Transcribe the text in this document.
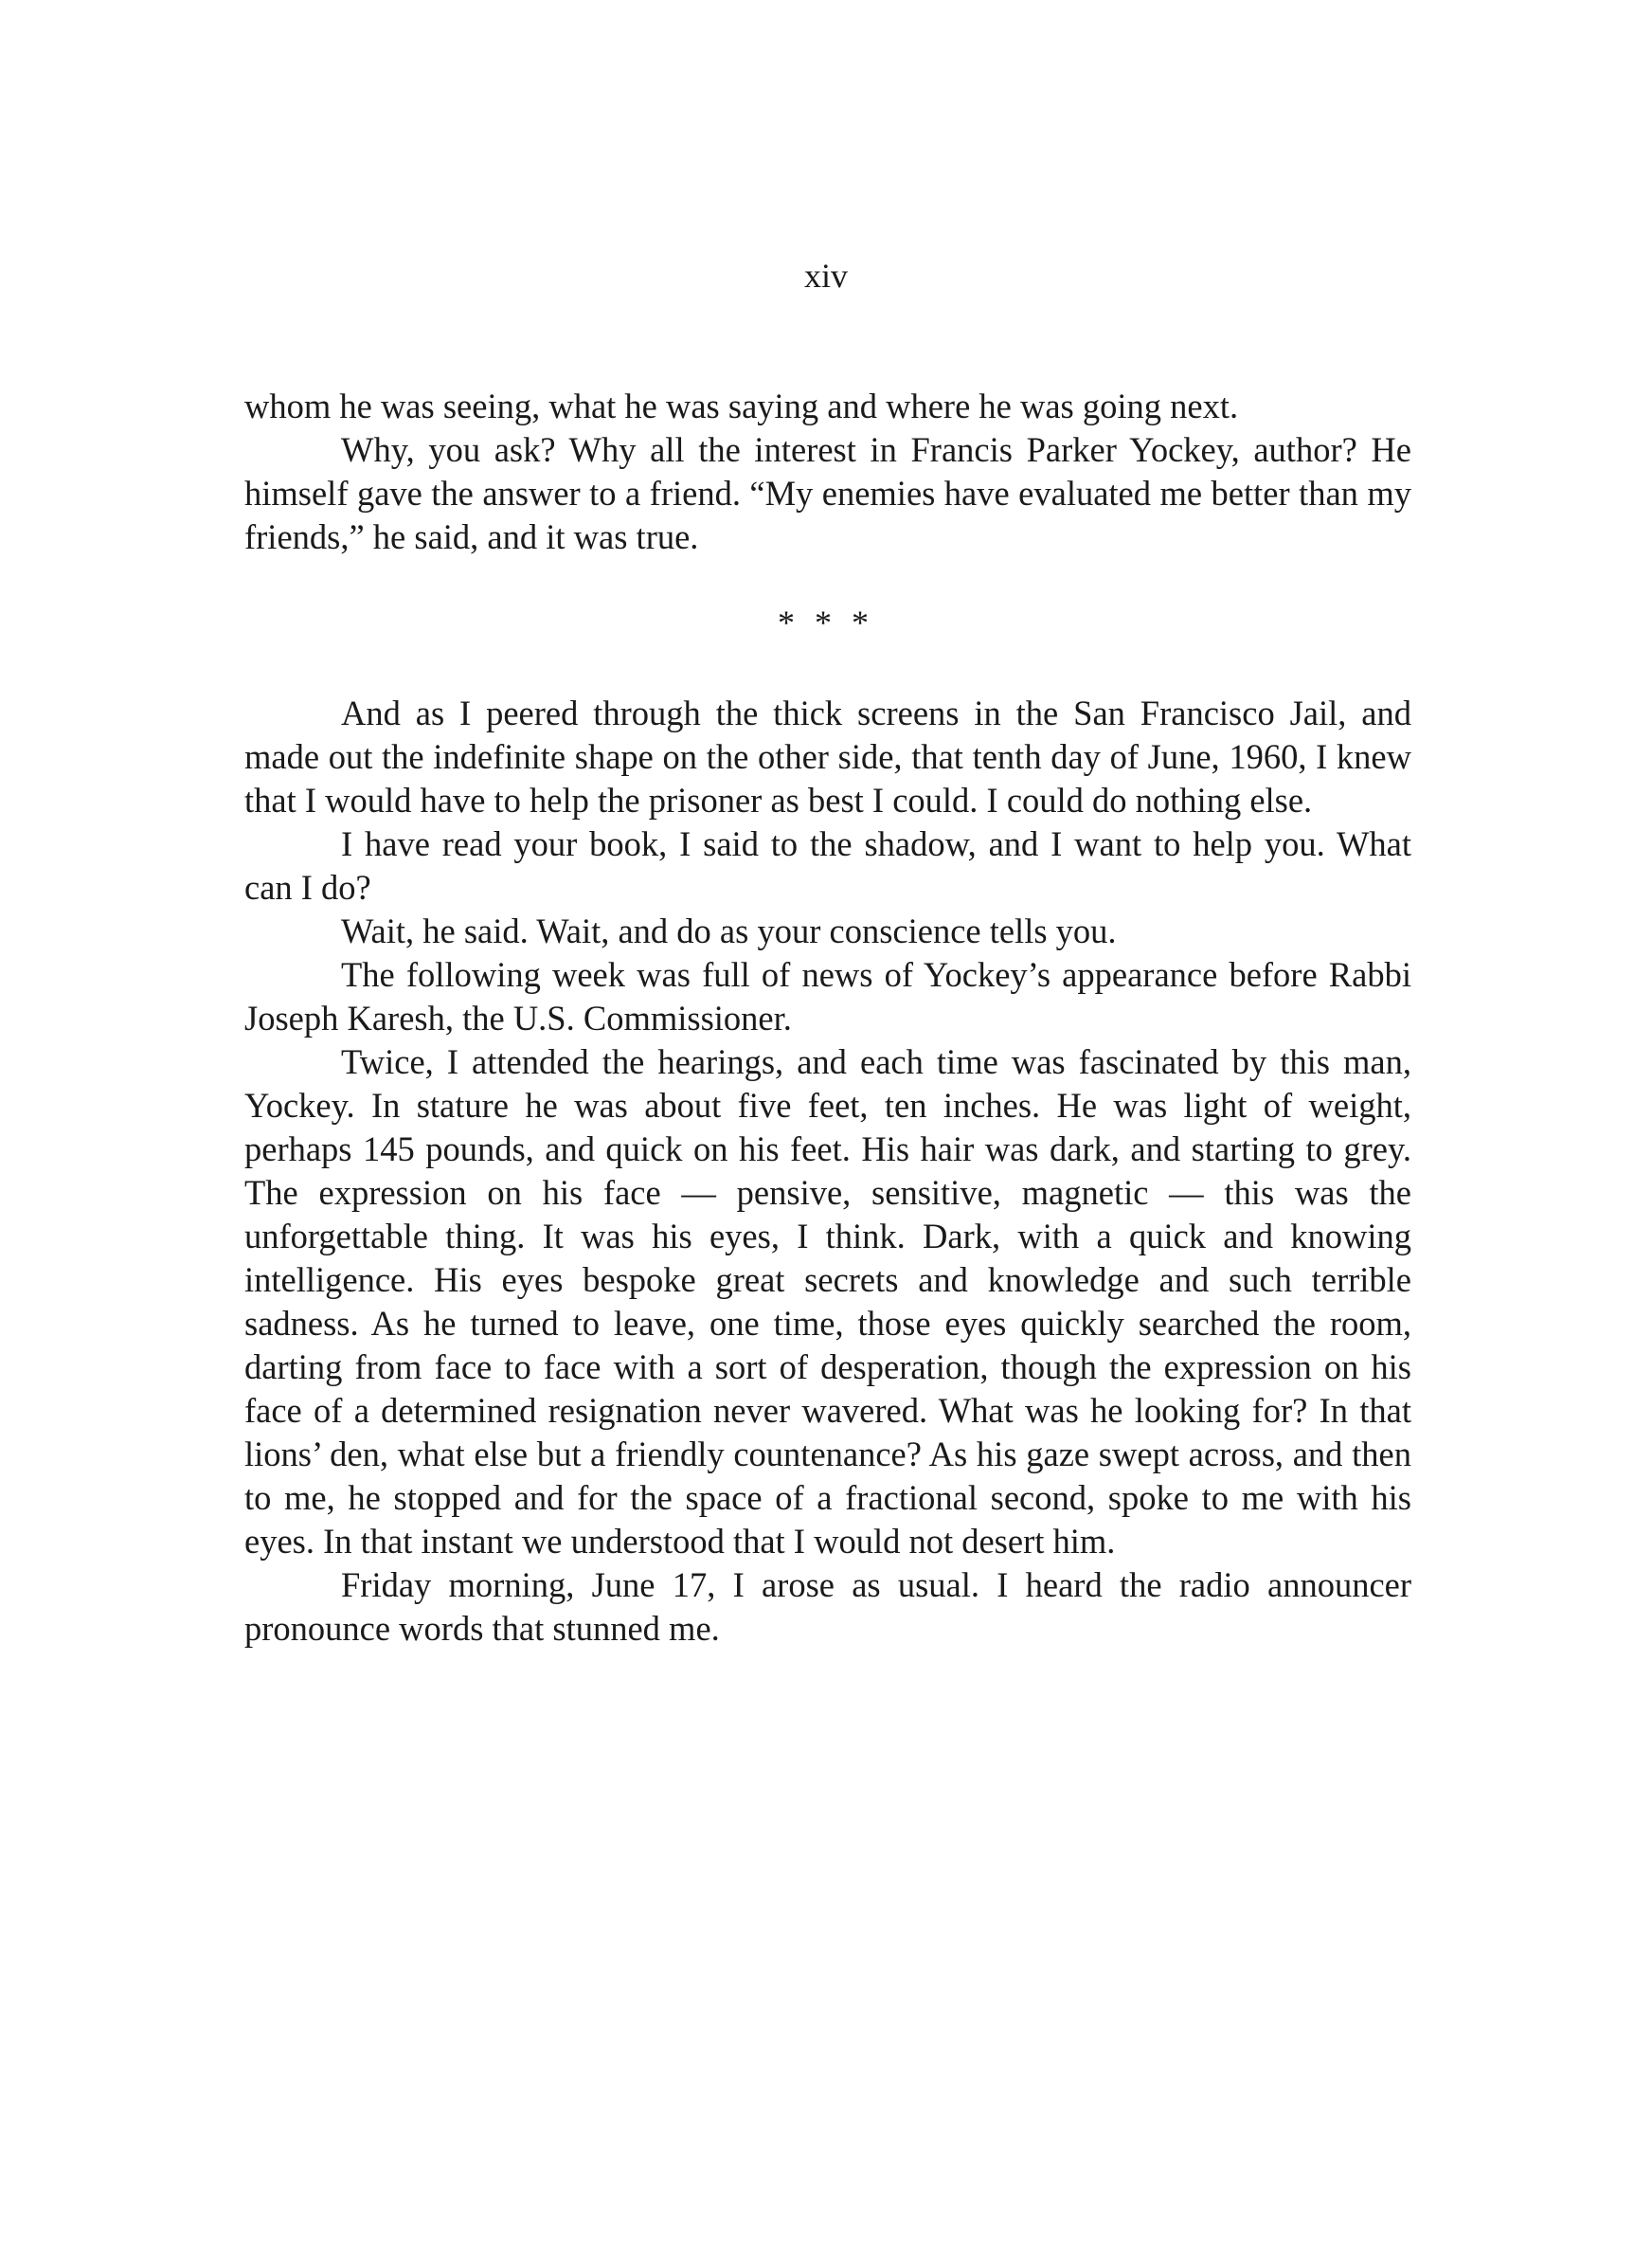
xiv

whom he was seeing, what he was saying and where he was going next.

Why, you ask? Why all the interest in Francis Parker Yockey, author? He himself gave the answer to a friend. “My enemies have evaluated me better than my friends,” he said, and it was true.

* * *

And as I peered through the thick screens in the San Francisco Jail, and made out the indefinite shape on the other side, that tenth day of June, 1960, I knew that I would have to help the prisoner as best I could. I could do nothing else.

I have read your book, I said to the shadow, and I want to help you. What can I do?

Wait, he said. Wait, and do as your conscience tells you.

The following week was full of news of Yockey’s appearance before Rabbi Joseph Karesh, the U.S. Commissioner.

Twice, I attended the hearings, and each time was fascinated by this man, Yockey. In stature he was about five feet, ten inches. He was light of weight, perhaps 145 pounds, and quick on his feet. His hair was dark, and starting to grey. The expression on his face — pensive, sensitive, magnetic — this was the unforgettable thing. It was his eyes, I think. Dark, with a quick and knowing intelligence. His eyes bespoke great secrets and knowledge and such terrible sadness. As he turned to leave, one time, those eyes quickly searched the room, darting from face to face with a sort of desperation, though the expression on his face of a determined resignation never wavered. What was he looking for? In that lions’ den, what else but a friendly countenance? As his gaze swept across, and then to me, he stopped and for the space of a fractional second, spoke to me with his eyes. In that instant we understood that I would not desert him.

Friday morning, June 17, I arose as usual. I heard the radio announcer pronounce words that stunned me.
